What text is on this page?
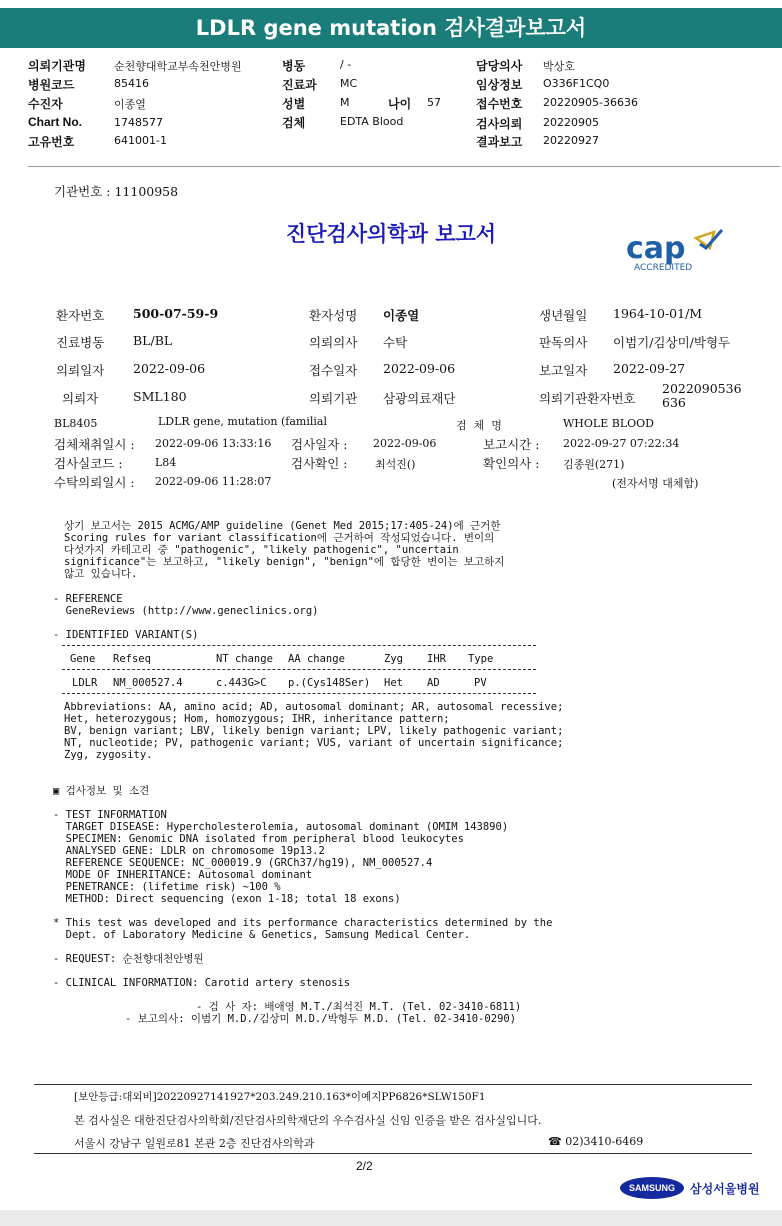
LDLR gene mutation 검사결과보고서
의뢰기관명	순천향대학교부속천안병원
병원코드	85416
수진자	이종열
Chart No.	1748577
고유번호	641001-1
병동	/ -
진료과 MC
성별	M	나이 57
검체	EDTA Blood
담당의사 박상호
임상정보 O336F1CQ0
접수번호 20220905-36636
검사의뢰 20220905
결과보고 20220927
기관번호 : 11100958
진단검사의학과 보고서	cap
ACCREDITED
환자번호 500-07-59-9	환자성명 이종열	생년월일 1964-10-01/M
진료병동 BL/BL	의뢰의사 수탁	판독의사 이범기/김상미/박형두
의뢰일자 2022-09-06	접수일자 2022-09-06	보고일자 2022-09-27
의뢰자	SML180	의뢰기관 삼광의료재단	의뢰기관환자번호
2022090536636
BL8405	LDLR gene, mutation (familial	검  체  명	WHOLE BLOOD
검체채취일시 : 2022-09-06 13:33:16 검사일자 : 2022-09-06	보고시간 : 2022-09-27 07:22:34
검사실코드 :	L84	검사확인 :	최석진()	확인의사 : 김종원(271)
수탁의뢰일시 : 2022-09-06 11:28:07	(전자서명 대체함)
상기 보고서는 2015 ACMG/AMP guideline (Genet Med 2015;17:405-24)에 근거한
Scoring rules for variant classification에 근거하여 작성되었습니다. 변이의
다섯가지 카테고리 중 "pathogenic", "likely pathogenic", "uncertain
significance"는 보고하고, "likely benign", "benign"에 합당한 변이는 보고하지
않고 있습니다.
- REFERENCE
GeneReviews (http://www.geneclinics.org)
- IDENTIFIED VARIANT(S)
Gene Refseq	NT change AA change	Zyg IHR Type
LDLR NM_000527.4	c.443G>C p.(Cys148Ser) Het AD	PV
Abbreviations: AA, amino acid; AD, autosomal dominant; AR, autosomal recessive;
Het, heterozygous; Hom, homozygous; IHR, inheritance pattern;
BV, benign variant; LBV, likely benign variant; LPV, likely pathogenic variant;
NT, nucleotide; PV, pathogenic variant; VUS, variant of uncertain significance;
Zyg, zygosity.
▣ 검사정보 및 소견
- TEST INFORMATION
TARGET DISEASE: Hypercholesterolemia, autosomal dominant (OMIM 143890)
SPECIMEN: Genomic DNA isolated from peripheral blood leukocytes
ANALYSED GENE: LDLR on chromosome 19p13.2
REFERENCE SEQUENCE: NC_000019.9 (GRCh37/hg19), NM_000527.4
MODE OF INHERITANCE: Autosomal dominant
PENETRANCE: (lifetime risk) ~100 %
METHOD: Direct sequencing (exon 1-18; total 18 exons)
* This test was developed and its performance characteristics determined by the
Dept. of Laboratory Medicine & Genetics, Samsung Medical Center.
- REQUEST: 순천향대천안병원
- CLINICAL INFORMATION: Carotid artery stenosis
- 검 사 자: 배애영 M.T./최석진 M.T. (Tel. 02-3410-6811)
- 보고의사: 이범기 M.D./김상미 M.D./박형두 M.D. (Tel. 02-3410-0290)
[보안등급:대외비]20220927141927*203.249.210.163*이예지PP6826*SLW150F1
본 검사실은 대한진단검사의학회/진단검사의학재단의 우수검사실 신임 인증을 받은 검사실입니다.
서울시 강남구 일원로81 본관 2층 진단검사의학과	☎ 02)3410-6469
2/2
SAMSUNG	삼성서울병원
